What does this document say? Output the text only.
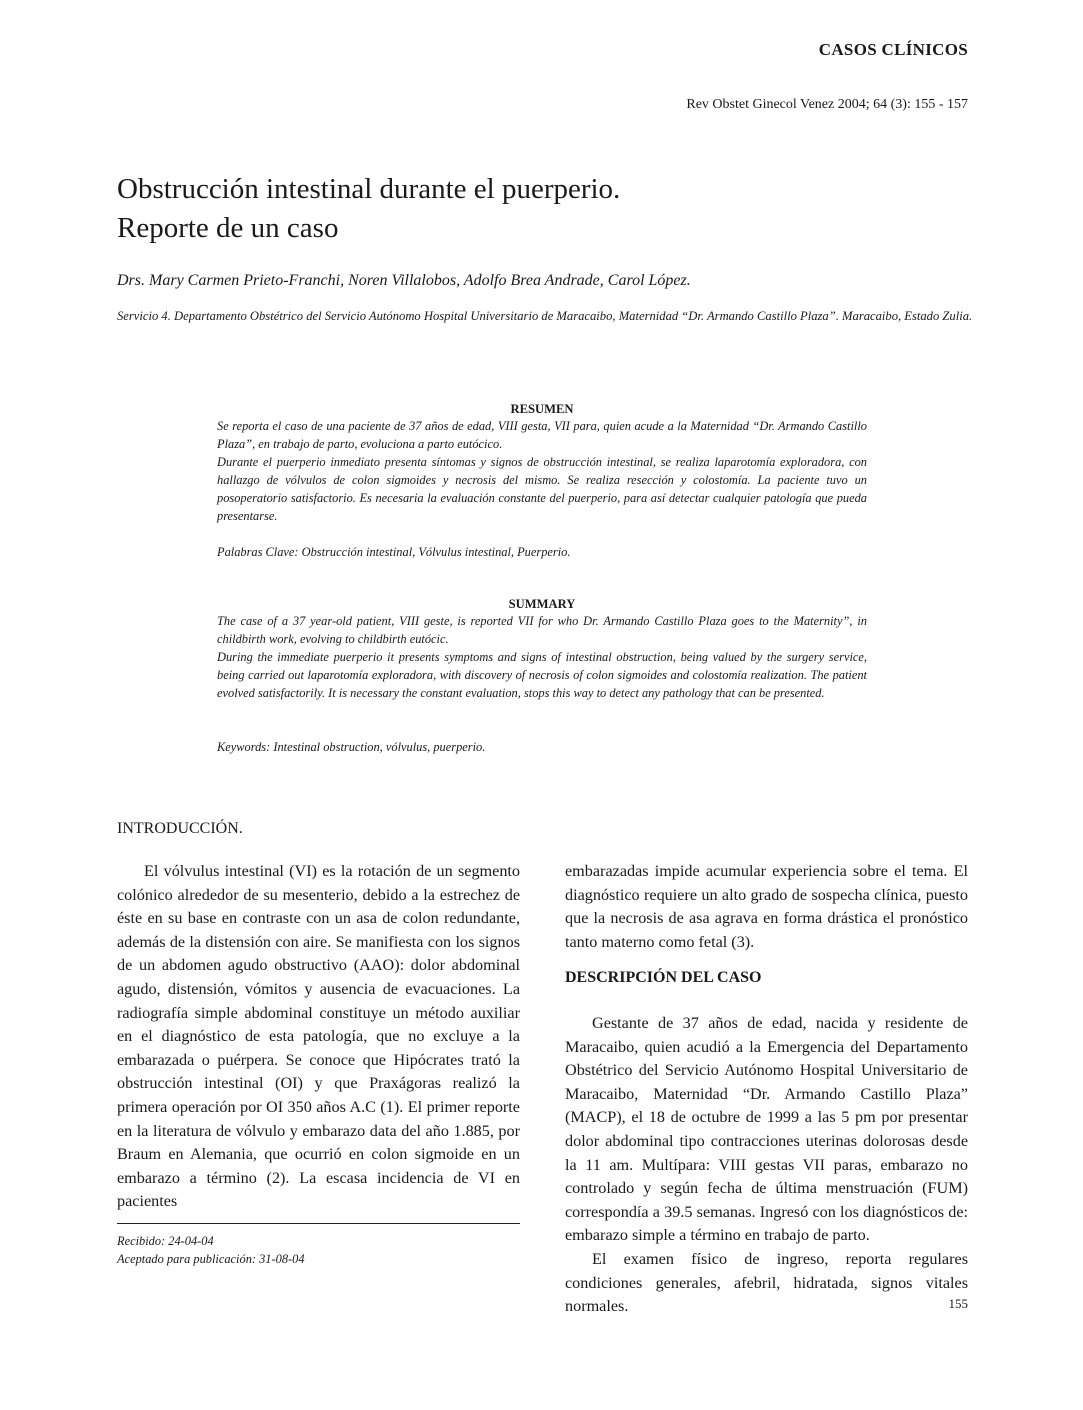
CASOS CLÍNICOS
Rev Obstet Ginecol Venez 2004; 64 (3): 155 - 157
Obstrucción intestinal durante el puerperio.
Reporte de un caso
Drs. Mary Carmen Prieto-Franchi, Noren Villalobos, Adolfo Brea Andrade, Carol López.
Servicio 4. Departamento Obstétrico del Servicio Autónomo Hospital Universitario de Maracaibo, Maternidad “Dr. Armando Castillo Plaza”. Maracaibo, Estado Zulia.
RESUMEN

Se reporta el caso de una paciente de 37 años de edad, VIII gesta, VII para, quien acude a la Maternidad “Dr. Armando Castillo Plaza”, en trabajo de parto, evoluciona a parto eutócico.

Durante el puerperio inmediato presenta síntomas y signos de obstrucción intestinal, se realiza laparotomía exploradora, con hallazgo de vólvulos de colon sigmoides y necrosis del mismo. Se realiza resección y colostomía. La paciente tuvo un posoperatorio satisfactorio. Es necesaria la evaluación constante del puerperio, para así detectar cualquier patología que pueda presentarse.

Palabras Clave: Obstrucción intestinal, Vólvulus intestinal, Puerperio.
SUMMARY

The case of a 37 year-old patient, VIII geste, is reported VII for who Dr. Armando Castillo Plaza goes to the Maternity”, in childbirth work, evolving to childbirth eutócic.

During the immediate puerperio it presents symptoms and signs of intestinal obstruction, being valued by the surgery service, being carried out laparotomía exploradora, with discovery of necrosis of colon sigmoides and colostomía realization. The patient evolved satisfactorily. It is necessary the constant evaluation, stops this way to detect any pathology that can be presented.

Keywords: Intestinal obstruction, vólvulus, puerperio.
INTRODUCCIÓN.

El vólvulus intestinal (VI) es la rotación de un segmento colónico alrededor de su mesenterio, debido a la estrechez de éste en su base en contraste con un asa de colon redundante, además de la distensión con aire. Se manifiesta con los signos de un abdomen agudo obstructivo (AAO): dolor abdominal agudo, distensión, vómitos y ausencia de evacuaciones. La radiografía simple abdominal constituye un método auxiliar en el diagnóstico de esta patología, que no excluye a la embarazada o puérpera. Se conoce que Hipócrates trató la obstrucción intestinal (OI) y que Praxágoras realizó la primera operación por OI 350 años A.C (1). El primer reporte en la literatura de vólvulo y embarazo data del año 1.885, por Braum en Alemania, que ocurrió en colon sigmoide en un embarazo a término (2). La escasa incidencia de VI en pacientes

embarazadas impide acumular experiencia sobre el tema. El diagnóstico requiere un alto grado de sospecha clínica, puesto que la necrosis de asa agrava en forma drástica el pronóstico tanto materno como fetal (3).

DESCRIPCIÓN DEL CASO

Gestante de 37 años de edad, nacida y residente de Maracaibo, quien acudió a la Emergencia del Departamento Obstétrico del Servicio Autónomo Hospital Universitario de Maracaibo, Maternidad “Dr. Armando Castillo Plaza” (MACP), el 18 de octubre de 1999 a las 5 pm por presentar dolor abdominal tipo contracciones uterinas dolorosas desde la 11 am. Multípara: VIII gestas VII paras, embarazo no controlado y según fecha de última menstruación (FUM) correspondía a 39.5 semanas. Ingresó con los diagnósticos de: embarazo simple a término en trabajo de parto.

El examen físico de ingreso, reporta regulares condiciones generales, afebril, hidratada, signos vitales normales.

Recibido: 24-04-04
Aceptado para publicación: 31-08-04
155
